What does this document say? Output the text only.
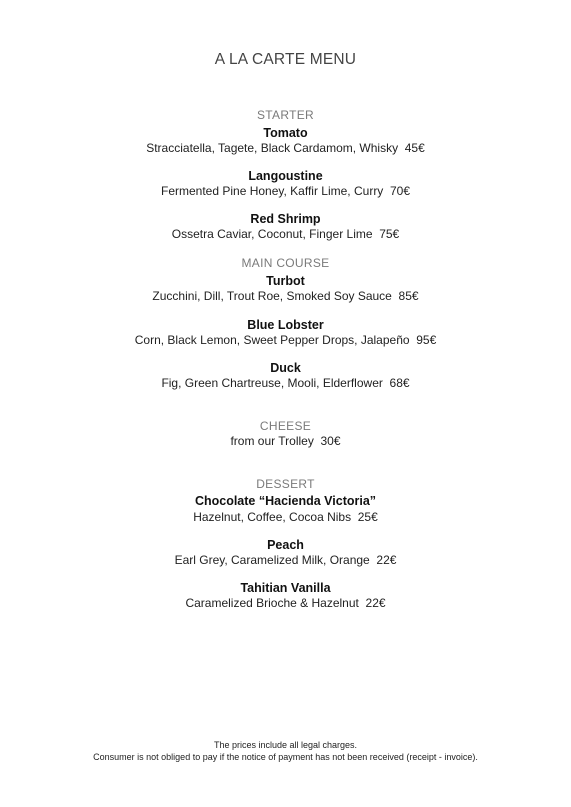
A LA CARTE MENU
STARTER
Tomato
Stracciatella, Tagete, Black Cardamom, Whisky  45€
Langoustine
Fermented Pine Honey, Kaffir Lime, Curry  70€
Red Shrimp
Ossetra Caviar, Coconut, Finger Lime  75€
MAIN COURSE
Turbot
Zucchini, Dill, Trout Roe, Smoked Soy Sauce  85€
Blue Lobster
Corn, Black Lemon, Sweet Pepper Drops, Jalapeño  95€
Duck
Fig, Green Chartreuse, Mooli, Elderflower  68€
CHEESE
from our Trolley  30€
DESSERT
Chocolate “Hacienda Victoria”
Hazelnut, Coffee, Cocoa Nibs  25€
Peach
Earl Grey, Caramelized Milk, Orange  22€
Tahitian Vanilla
Caramelized Brioche & Hazelnut  22€
The prices include all legal charges.
Consumer is not obliged to pay if the notice of payment has not been received (receipt - invoice).
